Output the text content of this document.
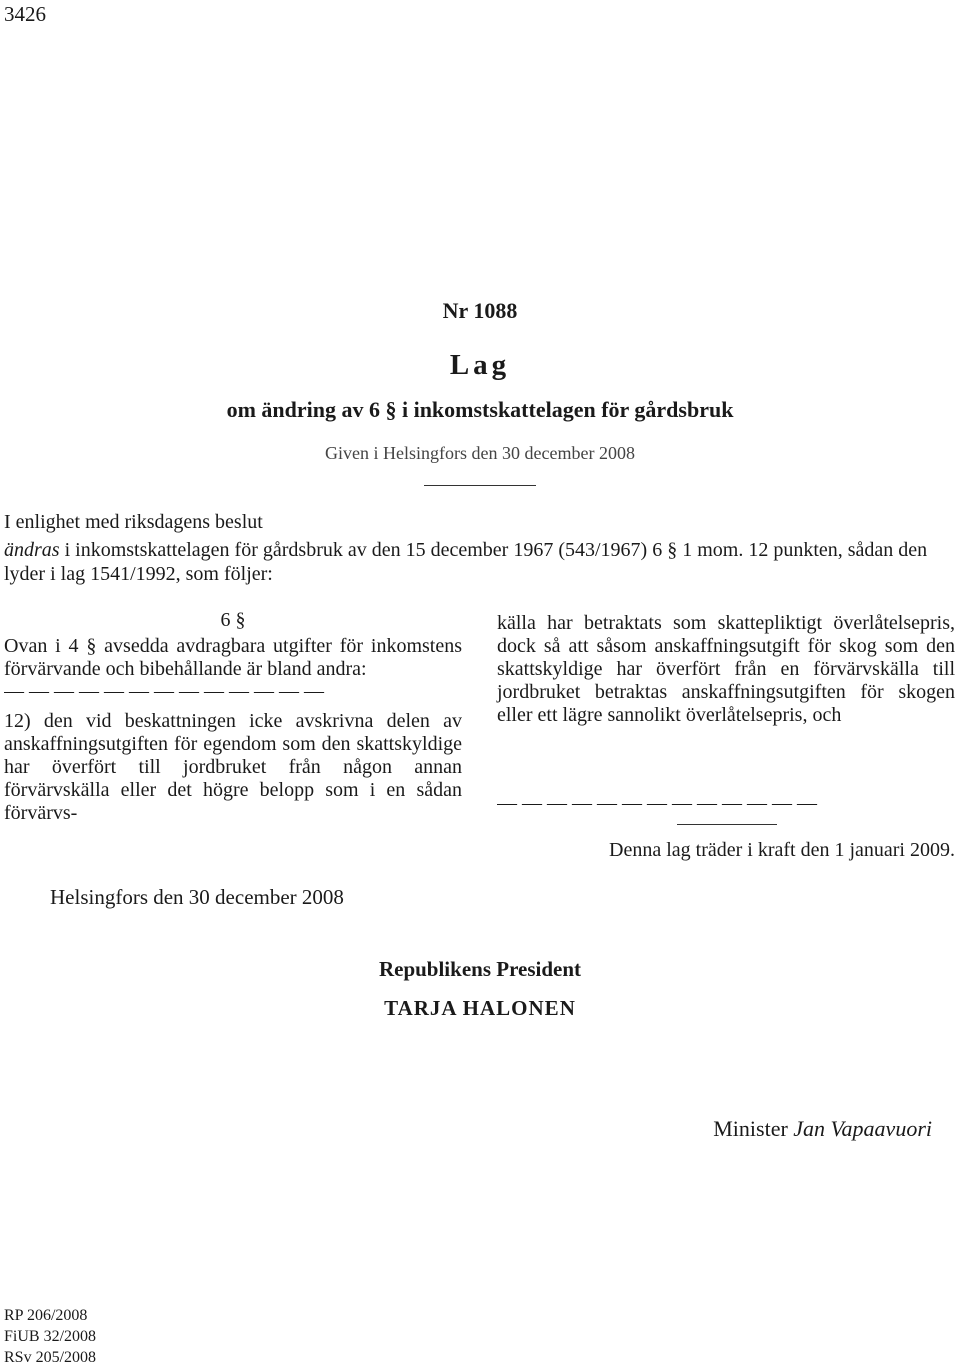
3426
Nr 1088
Lag
om ändring av 6 § i inkomstskattelagen för gårdsbruk
Given i Helsingfors den 30 december 2008
I enlighet med riksdagens beslut
ändras i inkomstskattelagen för gårdsbruk av den 15 december 1967 (543/1967) 6 § 1 mom. 12 punkten, sådan den lyder i lag 1541/1992, som följer:
6 §
Ovan i 4 § avsedda avdragbara utgifter för inkomstens förvärvande och bibehållande är bland andra:
— — — — — — — — — — — — —
12) den vid beskattningen icke avskrivna delen av anskaffningsutgiften för egendom som den skattskyldige har överfört till jordbruket från någon annan förvärvskälla eller det högre belopp som i en sådan förvärvs-
källa har betraktats som skattepliktigt överlåtelsepris, dock så att såsom anskaffningsutgift för skog som den skattskyldige har överfört från en förvärvskälla till jordbruket betraktas anskaffningsutgiften för skogen eller ett lägre sannolikt överlåtelsepris, och
— — — — — — — — — — — — —
Denna lag träder i kraft den 1 januari 2009.
Helsingfors den 30 december 2008
Republikens President
TARJA HALONEN
Minister Jan Vapaavuori
RP 206/2008
FiUB 32/2008
RSv 205/2008
